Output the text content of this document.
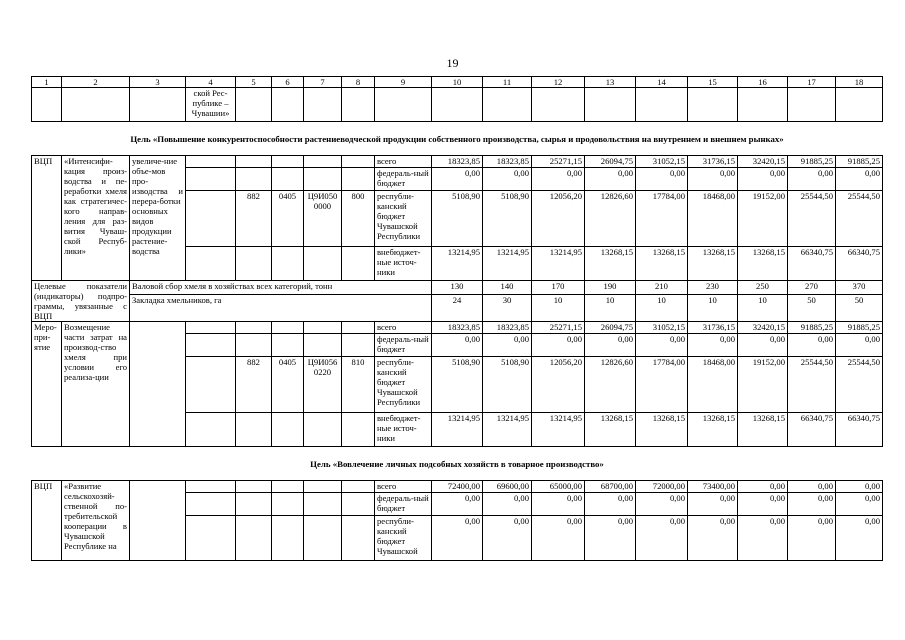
19
1	2	3	4	5	6	7	8	9	10	11	12	13	14	15	16	17	18
			ской Рес-публике – Чувашии»														

Цель «Повышение конкурентоспособности растениеводческой продукции собственного производства, сырья и продовольствия на внутреннем и внешнем рынках»																	

ВЦП	«Интенсифи-кация произ-водства и пе-реработки хмеля как стратегичес-кого направ-ления для раз-вития Чуваш-ской Респуб-лики»	увеличе-ние объе-мов про-изводства и перера-ботки основных видов продукции растение-водства						всего	18323,85	18323,85	25271,15	26094,75	31052,15	31736,15	32420,15	91885,25	91885,25
								федераль-ный бюджет	0,00	0,00	0,00	0,00	0,00	0,00	0,00	0,00	0,00
				882	0405	Ц9И050 0000	800	республи-канский бюджет Чувашской Республики	5108,90	5108,90	12056,20	12826,60	17784,00	18468,00	19152,00	25544,50	25544,50
								внебюджет-ные источ-ники	13214,95	13214,95	13214,95	13268,15	13268,15	13268,15	13268,15	66340,75	66340,75
Целевые показатели (индикаторы) подпро-граммы, увязанные с ВЦП		Валовой сбор хмеля в хозяйствах всех категорий, тонн							130	140	170	190	210	230	250	270	370
		Закладка хмельников, га							24	30	10	10	10	10	10	50	50
Меро-при-ятие	Возмещение части затрат на производ-ство хмеля при условии его реализа-ции							всего	18323,85	18323,85	25271,15	26094,75	31052,15	31736,15	32420,15	91885,25	91885,25
								федераль-ный бюджет	0,00	0,00	0,00	0,00	0,00	0,00	0,00	0,00	0,00
				882	0405	Ц9И056 0220	810	республи-канский бюджет Чувашской Республики	5108,90	5108,90	12056,20	12826,60	17784,00	18468,00	19152,00	25544,50	25544,50
								внебюджет-ные источ-ники	13214,95	13214,95	13214,95	13268,15	13268,15	13268,15	13268,15	66340,75	66340,75

Цель «Вовлечение личных подсобных хозяйств в товарное производство»																	

ВЦП	«Развитие сельскохозяй-ственной по-требительской кооперации в Чувашской Республике на							всего	72400,00	69600,00	65000,00	68700,00	72000,00	73400,00	0,00	0,00	0,00
								федераль-ный бюджет	0,00	0,00	0,00	0,00	0,00	0,00	0,00	0,00	0,00
								республи-канский бюджет Чувашской	0,00	0,00	0,00	0,00	0,00	0,00	0,00	0,00	0,00
